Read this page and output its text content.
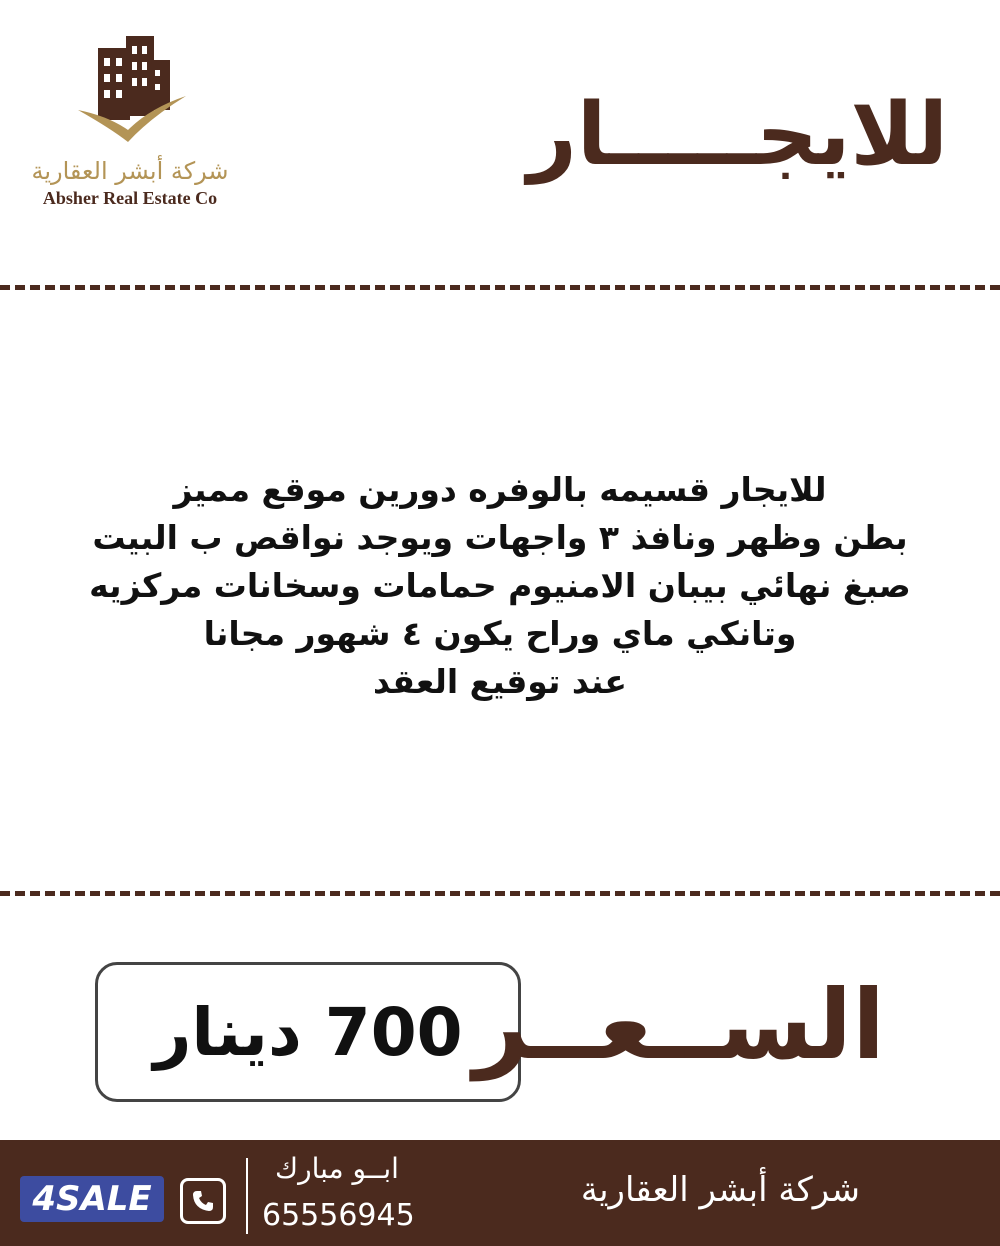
شركة أبشر العقارية
Absher Real Estate Co
للايجـــــار
للايجار قسيمه بالوفره دورين موقع مميز
بطن وظهر ونافذ ٣ واجهات ويوجد نواقص ب البيت
صبغ نهائي بيبان الامنيوم حمامات وسخانات مركزيه
وتانكي ماي وراح يكون ٤ شهور مجانا
عند توقيع العقد
700 دينار الســعــر
4SALE
ابــو مبارك
65556945
شركة أبشر العقارية
